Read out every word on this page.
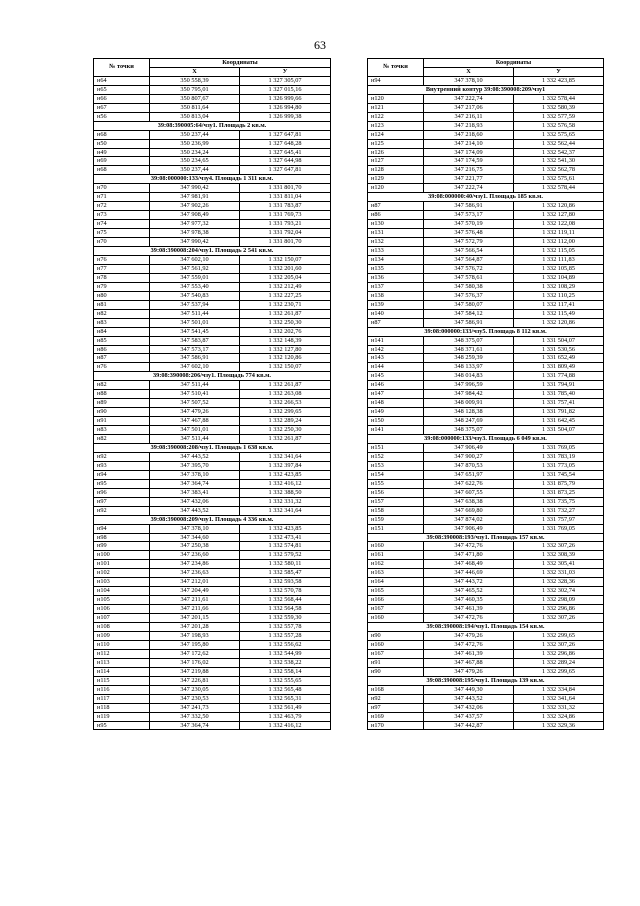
63
№ точки	Координаты	
	X	У
н64	350 558,39	1 327 305,07
н65	350 795,01	1 327 015,16
н66	350 807,67	1 326 999,66
н67	350 811,64	1 326 994,80
н56	350 813,04	1 326 999,38
39:08:390005:64/чзу1. Площадь 2 кв.м.		
н68	350 237,44	1 327 647,81
н50	350 236,99	1 327 648,28
н49	350 234,24	1 327 645,41
н69	350 234,65	1 327 644,98
н68	350 237,44	1 327 647,81
39:08:000000:133/чзу4. Площадь 1 311 кв.м.		
н70	347 990,42	1 331 801,70
н71	347 981,91	1 331 811,04
н72	347 902,26	1 331 783,87
н73	347 908,49	1 331 769,73
н74	347 977,32	1 331 793,21
н75	347 978,38	1 331 792,04
н70	347 990,42	1 331 801,70
39:08:390008:204/чзу1. Площадь 2 541 кв.м.		
н76	347 602,10	1 332 150,07
н77	347 561,92	1 332 201,60
н78	347 559,01	1 332 205,04
н79	347 553,40	1 332 212,49
н80	347 540,83	1 332 227,25
н81	347 537,94	1 332 230,71
н82	347 511,44	1 332 261,87
н83	347 501,01	1 332 250,30
н84	347 541,45	1 332 202,76
н85	347 583,87	1 332 148,39
н86	347 573,17	1 332 127,80
н87	347 586,91	1 332 120,86
н76	347 602,10	1 332 150,07
39:08:390008:206/чзу1. Площадь 774 кв.м.		
н82	347 511,44	1 332 261,87
н88	347 510,41	1 332 263,08
н89	347 507,52	1 332 266,53
н90	347 479,26	1 332 299,65
н91	347 467,88	1 332 289,24
н83	347 501,01	1 332 250,30
н82	347 511,44	1 332 261,87
39:08:390008:208/чзу1. Площадь 1 638 кв.м.		
н92	347 443,52	1 332 341,64
н93	347 395,70	1 332 397,84
н94	347 378,10	1 332 423,85
н95	347 364,74	1 332 416,12
н96	347 383,41	1 332 388,50
н97	347 432,06	1 332 331,32
н92	347 443,52	1 332 341,64
39:08:390008:209/чзу1. Площадь 4 336 кв.м.		
н94	347 378,10	1 332 423,85
н98	347 344,60	1 332 473,41
н99	347 250,38	1 332 574,81
н100	347 236,60	1 332 579,52
н101	347 234,86	1 332 580,11
н102	347 236,63	1 332 585,47
н103	347 212,01	1 332 593,58
н104	347 204,49	1 332 570,78
н105	347 211,61	1 332 568,44
н106	347 211,66	1 332 564,58
н107	347 201,15	1 332 559,30
н108	347 201,28	1 332 557,78
н109	347 198,93	1 332 557,28
н110	347 195,80	1 332 556,62
н112	347 172,62	1 332 544,99
н113	347 176,02	1 332 538,22
н114	347 219,88	1 332 558,14
н115	347 226,81	1 332 555,65
н116	347 230,05	1 332 565,48
н117	347 230,53	1 332 565,31
н118	347 241,73	1 332 561,49
н119	347 332,50	1 332 463,79
н95	347 364,74	1 332 416,12
№ точки	Координаты	
	X	У
н94	347 378,10	1 332 423,85
Внутренний контур 39:08:390008:209/чзу1		
н120	347 222,74	1 332 578,44
н121	347 217,06	1 332 580,39
н122	347 216,11	1 332 577,59
н123	347 218,93	1 332 576,58
н124	347 218,60	1 332 575,65
н125	347 214,10	1 332 562,44
н126	347 174,09	1 332 542,37
н127	347 174,59	1 332 541,30
н128	347 216,75	1 332 562,78
н129	347 221,77	1 332 575,61
н120	347 222,74	1 332 578,44
39:08:000000:40/чзу1. Площадь 185 кв.м.		
н87	347 586,91	1 332 120,86
н86	347 573,17	1 332 127,80
н130	347 570,19	1 332 122,08
н131	347 576,48	1 332 119,11
н132	347 572,79	1 332 112,00
н133	347 566,54	1 332 115,05
н134	347 564,87	1 332 111,83
н135	347 576,72	1 332 105,85
н136	347 578,61	1 332 104,89
н137	347 580,38	1 332 108,29
н138	347 576,37	1 332 110,25
н139	347 580,07	1 332 117,41
н140	347 584,12	1 332 115,49
н87	347 586,91	1 332 120,86
39:08:000000:133/чзу5. Площадь 8 112 кв.м.		
н141	348 375,07	1 331 504,07
н142	348 371,61	1 331 530,56
н143	348 259,39	1 331 652,49
н144	348 133,97	1 331 809,49
н145	348 014,83	1 331 774,88
н146	347 996,59	1 331 794,91
н147	347 984,42	1 331 785,40
н148	348 009,91	1 331 757,41
н149	348 128,38	1 331 791,82
н150	348 247,69	1 331 642,45
н141	348 375,07	1 331 504,07
39:08:000000:133/чзу3. Площадь 6 049 кв.м.		
н151	347 906,49	1 331 769,05
н152	347 900,27	1 331 783,19
н153	347 870,53	1 331 773,05
н154	347 651,97	1 331 745,54
н155	347 622,76	1 331 875,79
н156	347 607,55	1 331 873,25
н157	347 638,38	1 331 735,75
н158	347 669,80	1 331 732,27
н159	347 874,02	1 331 757,97
н151	347 906,49	1 331 769,05
39:08:390008:193/чзу1. Площадь 157 кв.м.		
н160	347 472,76	1 332 307,26
н161	347 471,80	1 332 308,39
н162	347 468,49	1 332 305,41
н163	347 446,69	1 332 331,03
н164	347 443,72	1 332 328,36
н165	347 465,52	1 332 302,74
н166	347 460,35	1 332 298,09
н167	347 461,39	1 332 296,86
н160	347 472,76	1 332 307,26
39:08:390008:194/чзу1. Площадь 154 кв.м.		
н90	347 479,26	1 332 299,65
н160	347 472,76	1 332 307,26
н167	347 461,39	1 332 296,86
н91	347 467,88	1 332 289,24
н90	347 479,26	1 332 299,65
39:08:390008:195/чзу1. Площадь 139 кв.м.		
н168	347 449,30	1 332 334,84
н92	347 443,52	1 332 341,64
н97	347 432,06	1 332 331,32
н169	347 437,57	1 332 324,86
н170	347 442,87	1 332 329,36
